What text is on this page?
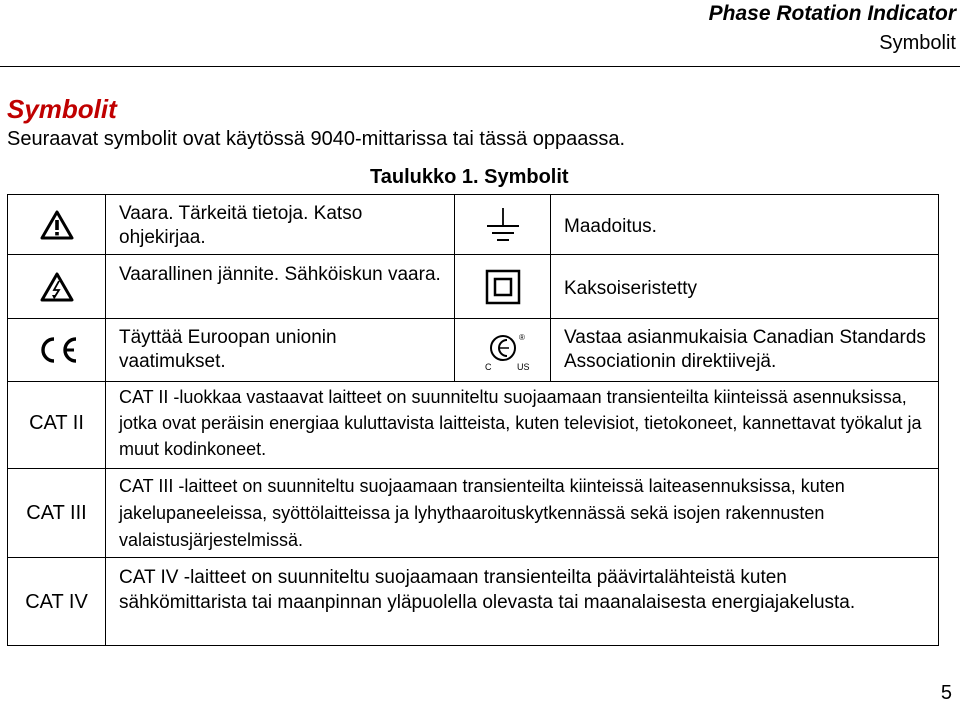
Phase Rotation Indicator
Symbolit
Symbolit
Seuraavat symbolit ovat käytössä 9040-mittarissa tai tässä oppaassa.
Taulukko 1. Symbolit
Vaara. Tärkeitä tietoja. Katso ohjekirjaa.
Maadoitus.
Vaarallinen jännite. Sähköiskun vaara.
Kaksoiseristetty
Täyttää Euroopan unionin vaatimukset.	C	US
® Vastaa asianmukaisia Canadian Standards Associationin direktiivejä.
CAT II
CAT II -luokkaa vastaavat laitteet on suunniteltu suojaamaan transienteilta kiinteissä asennuksissa, jotka ovat peräisin energiaa kuluttavista laitteista, kuten televisiot, tietokoneet, kannettavat työkalut ja muut kodinkoneet.
CAT III
CAT III -laitteet on suunniteltu suojaamaan transienteilta kiinteissä laiteasennuksissa, kuten jakelupaneeleissa, syöttölaitteissa ja lyhythaaroituskytkennässä sekä isojen rakennusten valaistusjärjestelmissä.
CAT IV
CAT IV -laitteet on suunniteltu suojaamaan transienteilta päävirtalähteistä kuten sähkömittarista tai maanpinnan yläpuolella olevasta tai maanalaisesta energiajakelusta.
5
